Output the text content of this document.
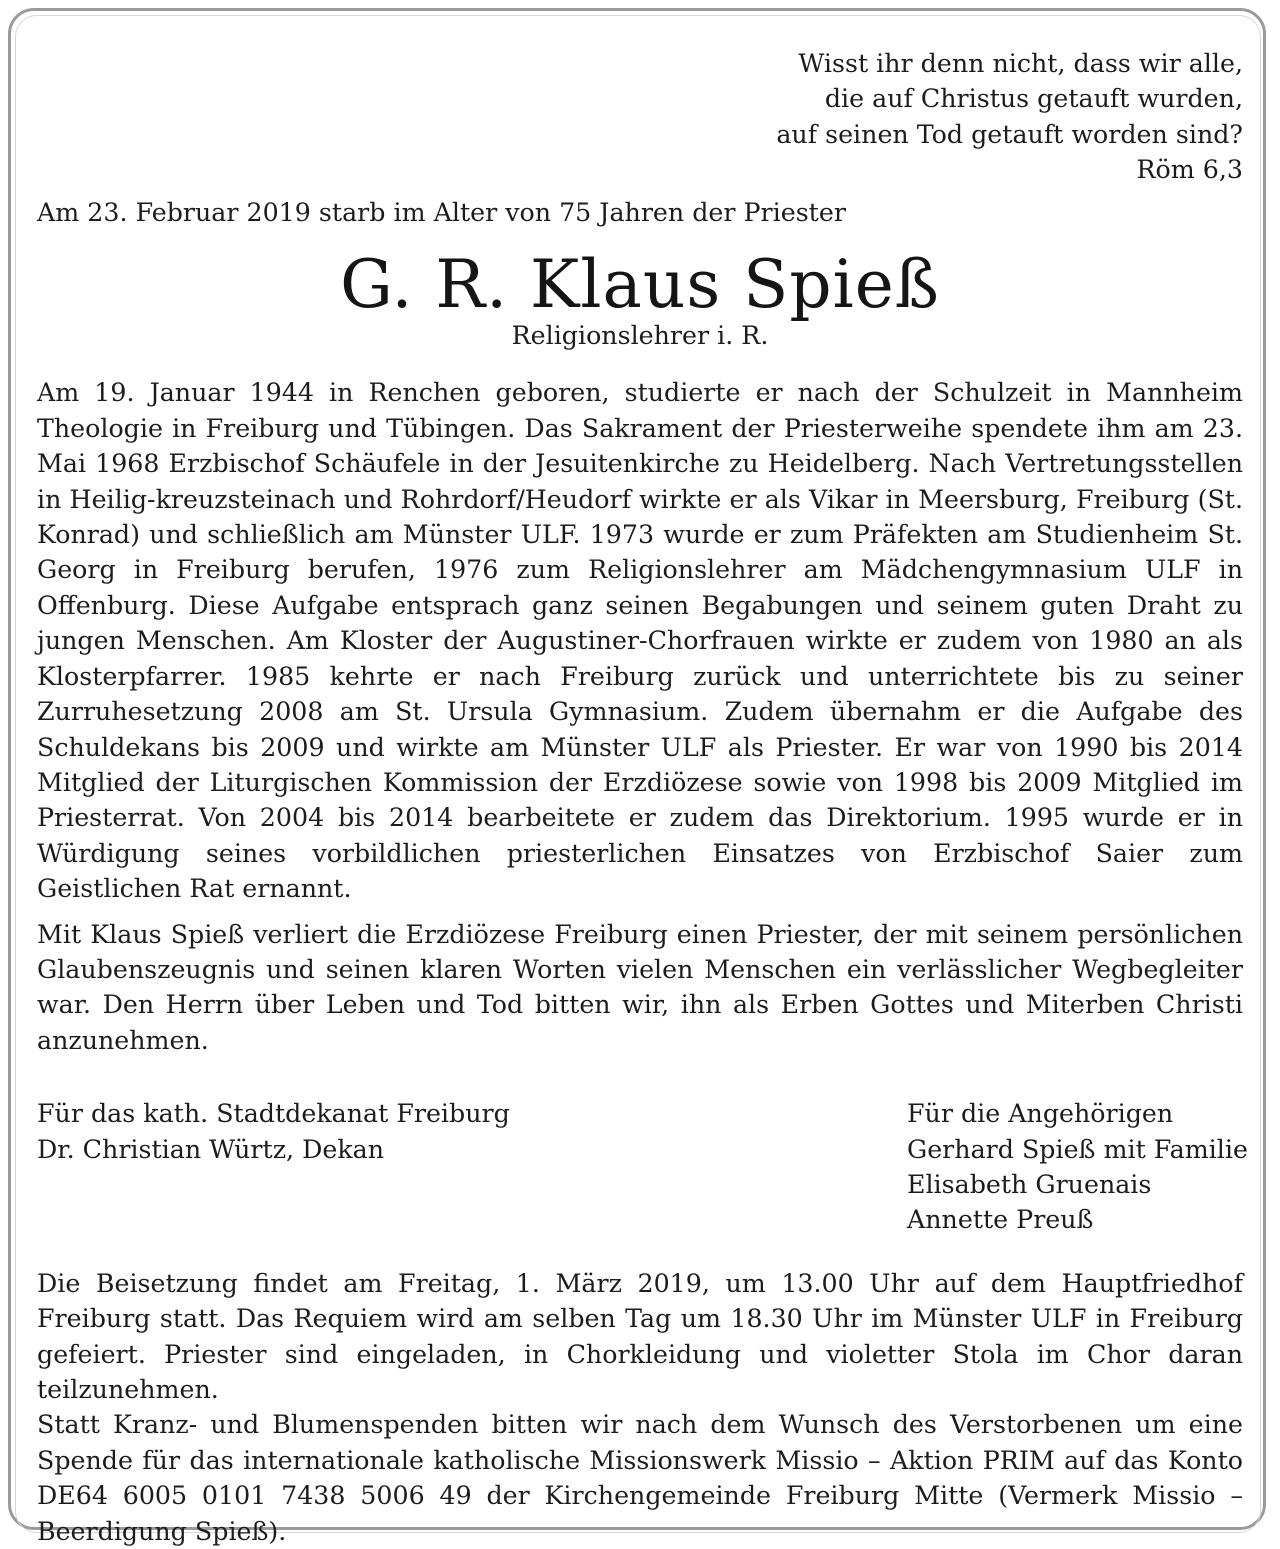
Wisst ihr denn nicht, dass wir alle,
die auf Christus getauft wurden,
auf seinen Tod getauft worden sind?
Röm 6,3
Am 23. Februar 2019 starb im Alter von 75 Jahren der Priester
G. R. Klaus Spieß
Religionslehrer i. R.
Am 19. Januar 1944 in Renchen geboren, studierte er nach der Schulzeit in Mannheim Theologie in Freiburg und Tübingen. Das Sakrament der Priesterweihe spendete ihm am 23. Mai 1968 Erzbischof Schäufele in der Jesuitenkirche zu Heidelberg. Nach Vertretungsstellen in Heilig-kreuzsteinach und Rohrdorf/Heudorf wirkte er als Vikar in Meersburg, Freiburg (St. Konrad) und schließlich am Münster ULF. 1973 wurde er zum Präfekten am Studienheim St. Georg in Freiburg berufen, 1976 zum Religionslehrer am Mädchengymnasium ULF in Offenburg. Diese Aufgabe entsprach ganz seinen Begabungen und seinem guten Draht zu jungen Menschen. Am Kloster der Augustiner-Chorfrauen wirkte er zudem von 1980 an als Klosterpfarrer. 1985 kehrte er nach Freiburg zurück und unterrichtete bis zu seiner Zurruhesetzung 2008 am St. Ursula Gymnasium. Zudem übernahm er die Aufgabe des Schuldekans bis 2009 und wirkte am Münster ULF als Priester. Er war von 1990 bis 2014 Mitglied der Liturgischen Kommission der Erzdiözese sowie von 1998 bis 2009 Mitglied im Priesterrat. Von 2004 bis 2014 bearbeitete er zudem das Direktorium. 1995 wurde er in Würdigung seines vorbildlichen priesterlichen Einsatzes von Erzbischof Saier zum Geistlichen Rat ernannt.
Mit Klaus Spieß verliert die Erzdiözese Freiburg einen Priester, der mit seinem persönlichen Glaubenszeugnis und seinen klaren Worten vielen Menschen ein verlässlicher Wegbegleiter war. Den Herrn über Leben und Tod bitten wir, ihn als Erben Gottes und Miterben Christi anzunehmen.
Für das kath. Stadtdekanat Freiburg
Dr. Christian Würtz, Dekan
Für die Angehörigen
Gerhard Spieß mit Familie
Elisabeth Gruenais
Annette Preuß
Die Beisetzung findet am Freitag, 1. März 2019, um 13.00 Uhr auf dem Hauptfriedhof Freiburg statt. Das Requiem wird am selben Tag um 18.30 Uhr im Münster ULF in Freiburg gefeiert. Priester sind eingeladen, in Chorkleidung und violetter Stola im Chor daran teilzunehmen.
Statt Kranz- und Blumenspenden bitten wir nach dem Wunsch des Verstorbenen um eine Spende für das internationale katholische Missionswerk Missio – Aktion PRIM auf das Konto DE64 6005 0101 7438 5006 49 der Kirchengemeinde Freiburg Mitte (Vermerk Missio – Beerdigung Spieß).
